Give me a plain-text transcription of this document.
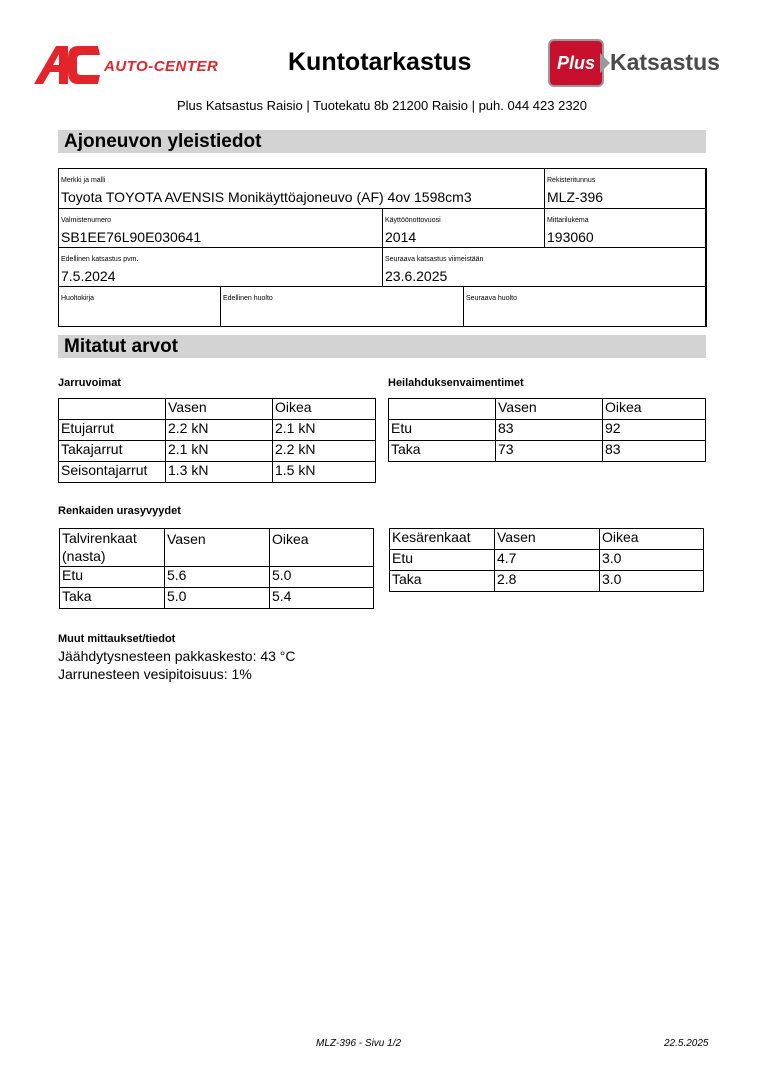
AUTO-CENTER	Kuntotarkastus	Plus Katsastus
Plus Katsastus Raisio | Tuotekatu 8b 21200 Raisio | puh. 044 423 2320
Ajoneuvon yleistiedot
Merkki ja malli
Toyota TOYOTA AVENSIS Monikäyttöajoneuvo (AF) 4ov 1598cm3
Rekisteritunnus
MLZ-396
Valmistenumero
SB1EE76L90E030641
Käyttöönottovuosi
2014
Mittarilukema
193060
Edellinen katsastus pvm.
7.5.2024
Seuraava katsastus viimeistään
23.6.2025
Huoltokirja	Edellinen huolto	Seuraava huolto
Mitatut arvot
Jarruvoimat	Heilahduksenvaimentimet
	Vasen	Oikea
Etujarrut	2.2 kN	2.1 kN
Takajarrut	2.1 kN	2.2 kN
Seisontajarrut	1.3 kN	1.5 kN
	Vasen	Oikea
Etu	83	92
Taka	73	83
Renkaiden urasyvyydet
Talvirenkaat
(nasta)	Vasen	Oikea
Etu	5.6	5.0
Taka	5.0	5.4
Kesärenkaat	Vasen	Oikea
Etu	4.7	3.0
Taka	2.8	3.0
Muut mittaukset/tiedot
Jäähdytysnesteen pakkaskesto: 43 °C
Jarrunesteen vesipitoisuus: 1%
MLZ-396 - Sivu 1/2	22.5.2025
